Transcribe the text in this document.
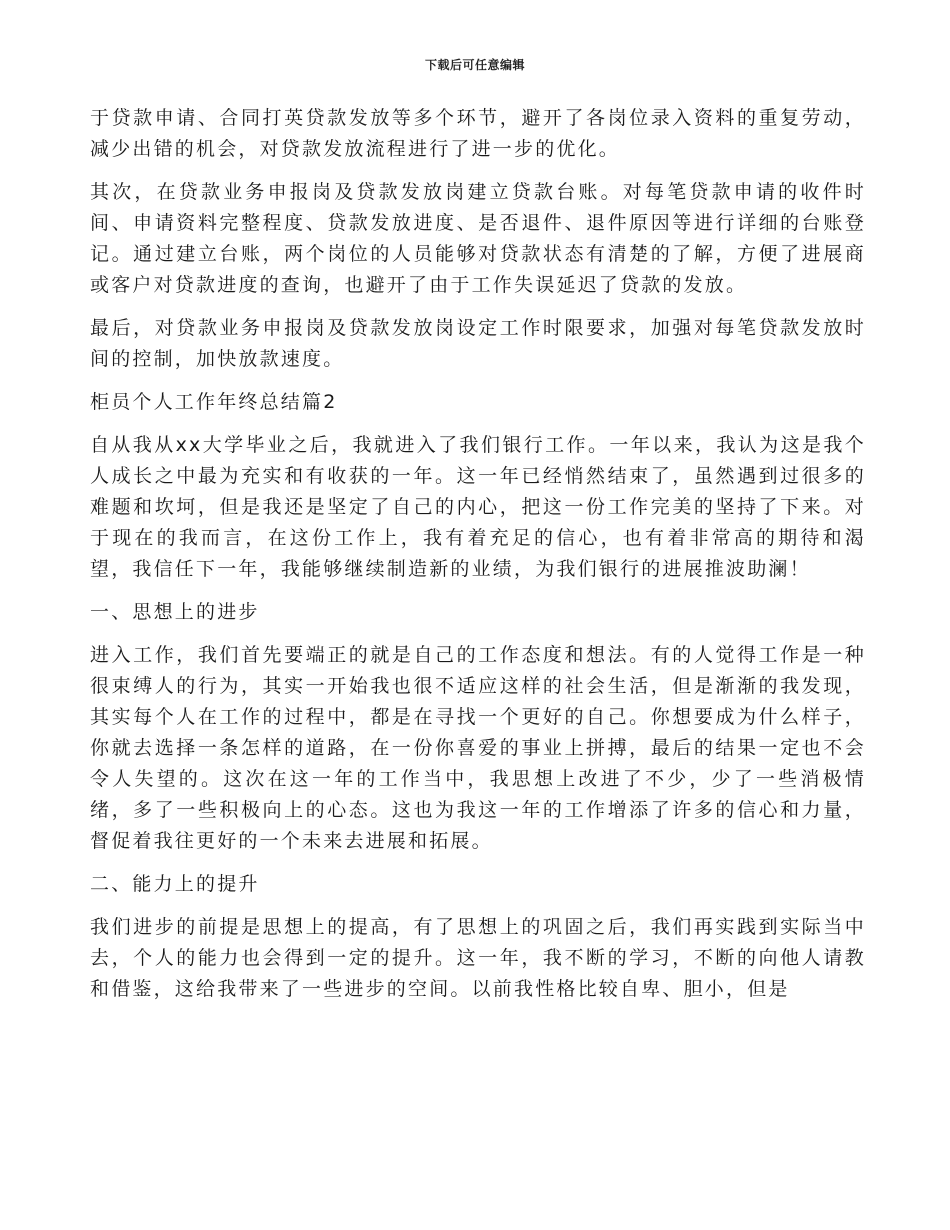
下载后可任意编辑

于贷款申请、合同打英贷款发放等多个环节，避开了各岗位录入资料的重复劳动，减少出错的机会，对贷款发放流程进行了进一步的优化。

其次，在贷款业务申报岗及贷款发放岗建立贷款台账。对每笔贷款申请的收件时间、申请资料完整程度、贷款发放进度、是否退件、退件原因等进行详细的台账登记。通过建立台账，两个岗位的人员能够对贷款状态有清楚的了解，方便了进展商或客户对贷款进度的查询，也避开了由于工作失误延迟了贷款的发放。

最后，对贷款业务申报岗及贷款发放岗设定工作时限要求，加强对每笔贷款发放时间的控制，加快放款速度。

柜员个人工作年终总结篇2

自从我从xx大学毕业之后，我就进入了我们银行工作。一年以来，我认为这是我个人成长之中最为充实和有收获的一年。这一年已经悄然结束了，虽然遇到过很多的难题和坎坷，但是我还是坚定了自己的内心，把这一份工作完美的坚持了下来。对于现在的我而言，在这份工作上，我有着充足的信心，也有着非常高的期待和渴望，我信任下一年，我能够继续制造新的业绩，为我们银行的进展推波助澜！

一、思想上的进步

进入工作，我们首先要端正的就是自己的工作态度和想法。有的人觉得工作是一种很束缚人的行为，其实一开始我也很不适应这样的社会生活，但是渐渐的我发现，其实每个人在工作的过程中，都是在寻找一个更好的自己。你想要成为什么样子，你就去选择一条怎样的道路，在一份你喜爱的事业上拼搏，最后的结果一定也不会令人失望的。这次在这一年的工作当中，我思想上改进了不少，少了一些消极情绪，多了一些积极向上的心态。这也为我这一年的工作增添了许多的信心和力量，督促着我往更好的一个未来去进展和拓展。

二、能力上的提升

我们进步的前提是思想上的提高，有了思想上的巩固之后，我们再实践到实际当中去，个人的能力也会得到一定的提升。这一年，我不断的学习，不断的向他人请教和借鉴，这给我带来了一些进步的空间。以前我性格比较自卑、胆小，但是
